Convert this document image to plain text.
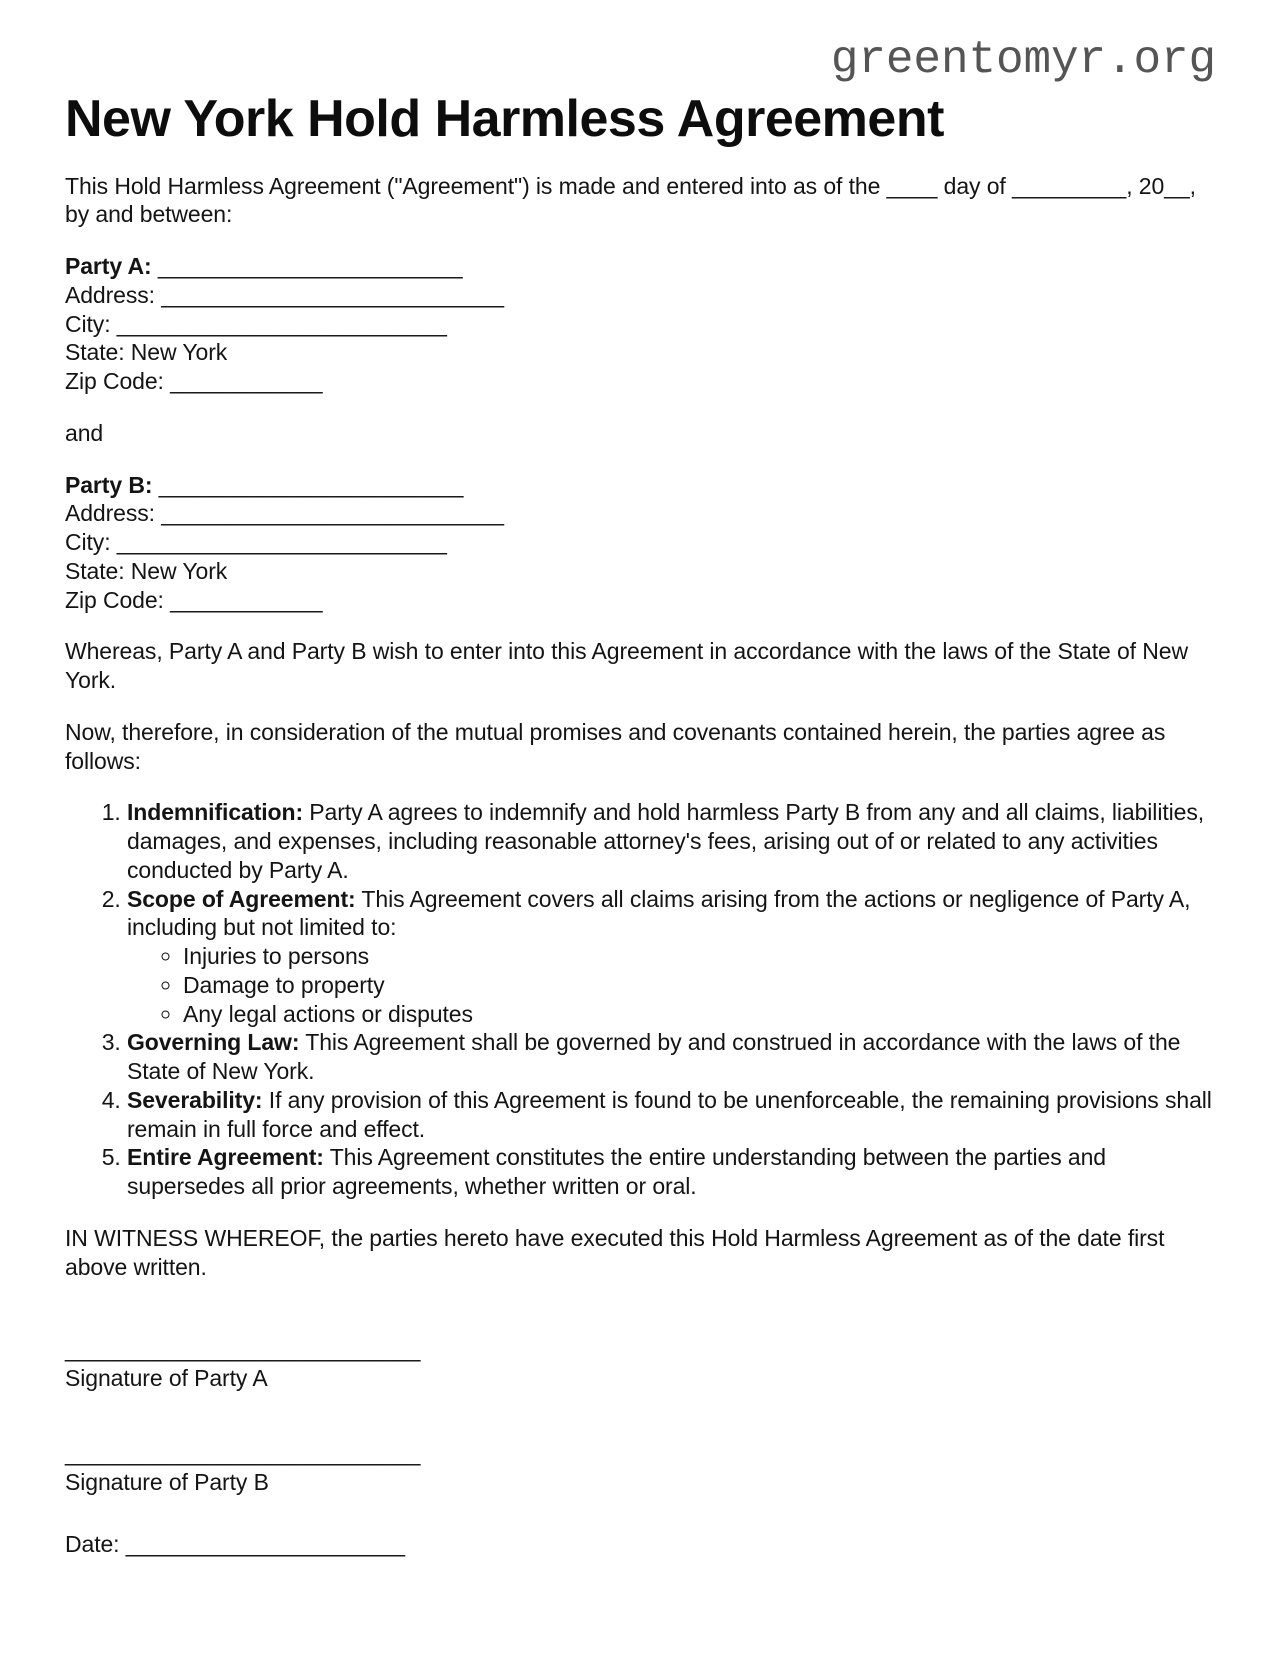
greentomyr.org
New York Hold Harmless Agreement

This Hold Harmless Agreement ("Agreement") is made and entered into as of the ____ day of _________, 20__, by and between:

Party A: ________________________
Address: ___________________________
City: __________________________
State: New York
Zip Code: ____________

and

Party B: ________________________
Address: ___________________________
City: __________________________
State: New York
Zip Code: ____________

Whereas, Party A and Party B wish to enter into this Agreement in accordance with the laws of the State of New York.

Now, therefore, in consideration of the mutual promises and covenants contained herein, the parties agree as follows:

1. Indemnification: Party A agrees to indemnify and hold harmless Party B from any and all claims, liabilities, damages, and expenses, including reasonable attorney's fees, arising out of or related to any activities conducted by Party A.
2. Scope of Agreement: This Agreement covers all claims arising from the actions or negligence of Party A, including but not limited to:
◦ Injuries to persons
◦ Damage to property
◦ Any legal actions or disputes
3. Governing Law: This Agreement shall be governed by and construed in accordance with the laws of the State of New York.
4. Severability: If any provision of this Agreement is found to be unenforceable, the remaining provisions shall remain in full force and effect.
5. Entire Agreement: This Agreement constitutes the entire understanding between the parties and supersedes all prior agreements, whether written or oral.

IN WITNESS WHEREOF, the parties hereto have executed this Hold Harmless Agreement as of the date first above written.

____________________________
Signature of Party A
____________________________
Signature of Party B

Date: ______________________
